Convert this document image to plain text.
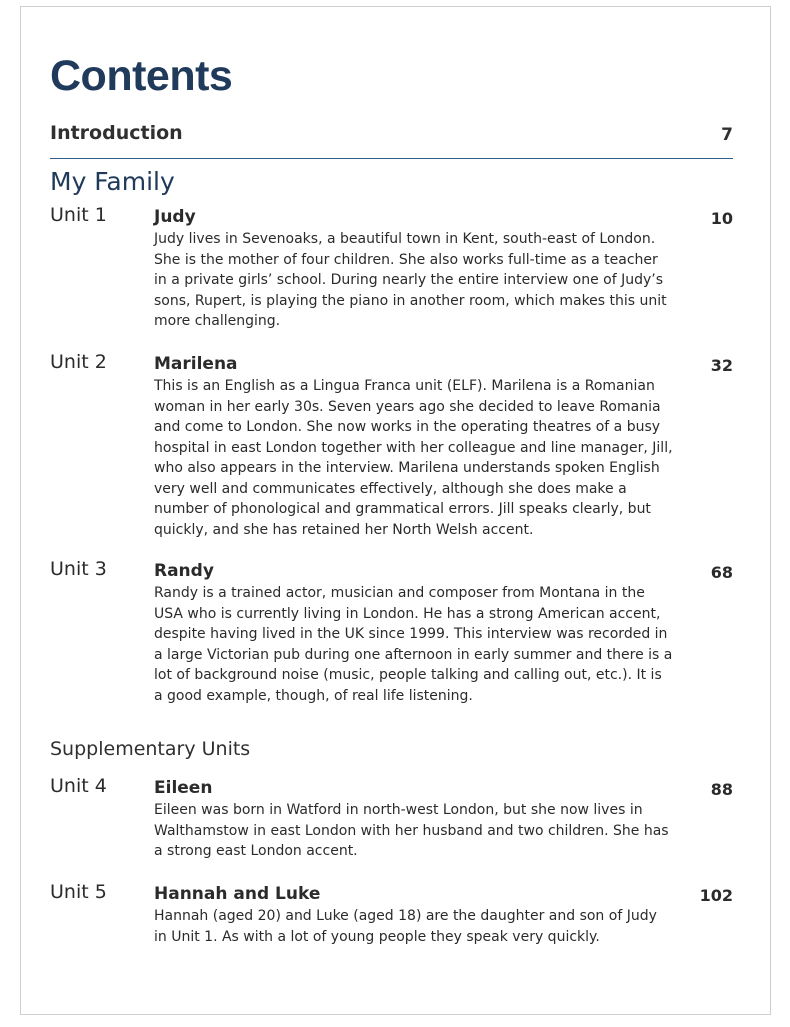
Contents
Introduction	7
My Family
Unit 1	Judy	10

Judy lives in Sevenoaks, a beautiful town in Kent, south-east of London. She is the mother of four children. She also works full-time as a teacher in a private girls’ school. During nearly the entire interview one of Judy’s sons, Rupert, is playing the piano in another room, which makes this unit more challenging.

Unit 2	Marilena	32

This is an English as a Lingua Franca unit (ELF). Marilena is a Romanian woman in her early 30s. Seven years ago she decided to leave Romania and come to London. She now works in the operating theatres of a busy hospital in east London together with her colleague and line manager, Jill, who also appears in the interview. Marilena understands spoken English very well and communicates effectively, although she does make a number of phonological and grammatical errors. Jill speaks clearly, but quickly, and she has retained her North Welsh accent.

Unit 3	Randy	68

Randy is a trained actor, musician and composer from Montana in the USA who is currently living in London. He has a strong American accent, despite having lived in the UK since 1999. This interview was recorded in a large Victorian pub during one afternoon in early summer and there is a lot of background noise (music, people talking and calling out, etc.). It is a good example, though, of real life listening.

Supplementary Units
Unit 4	Eileen	88

Eileen was born in Watford in north-west London, but she now lives in Walthamstow in east London with her husband and two children. She has a strong east London accent.

Unit 5	Hannah and Luke	102

Hannah (aged 20) and Luke (aged 18) are the daughter and son of Judy in Unit 1. As with a lot of young people they speak very quickly.
